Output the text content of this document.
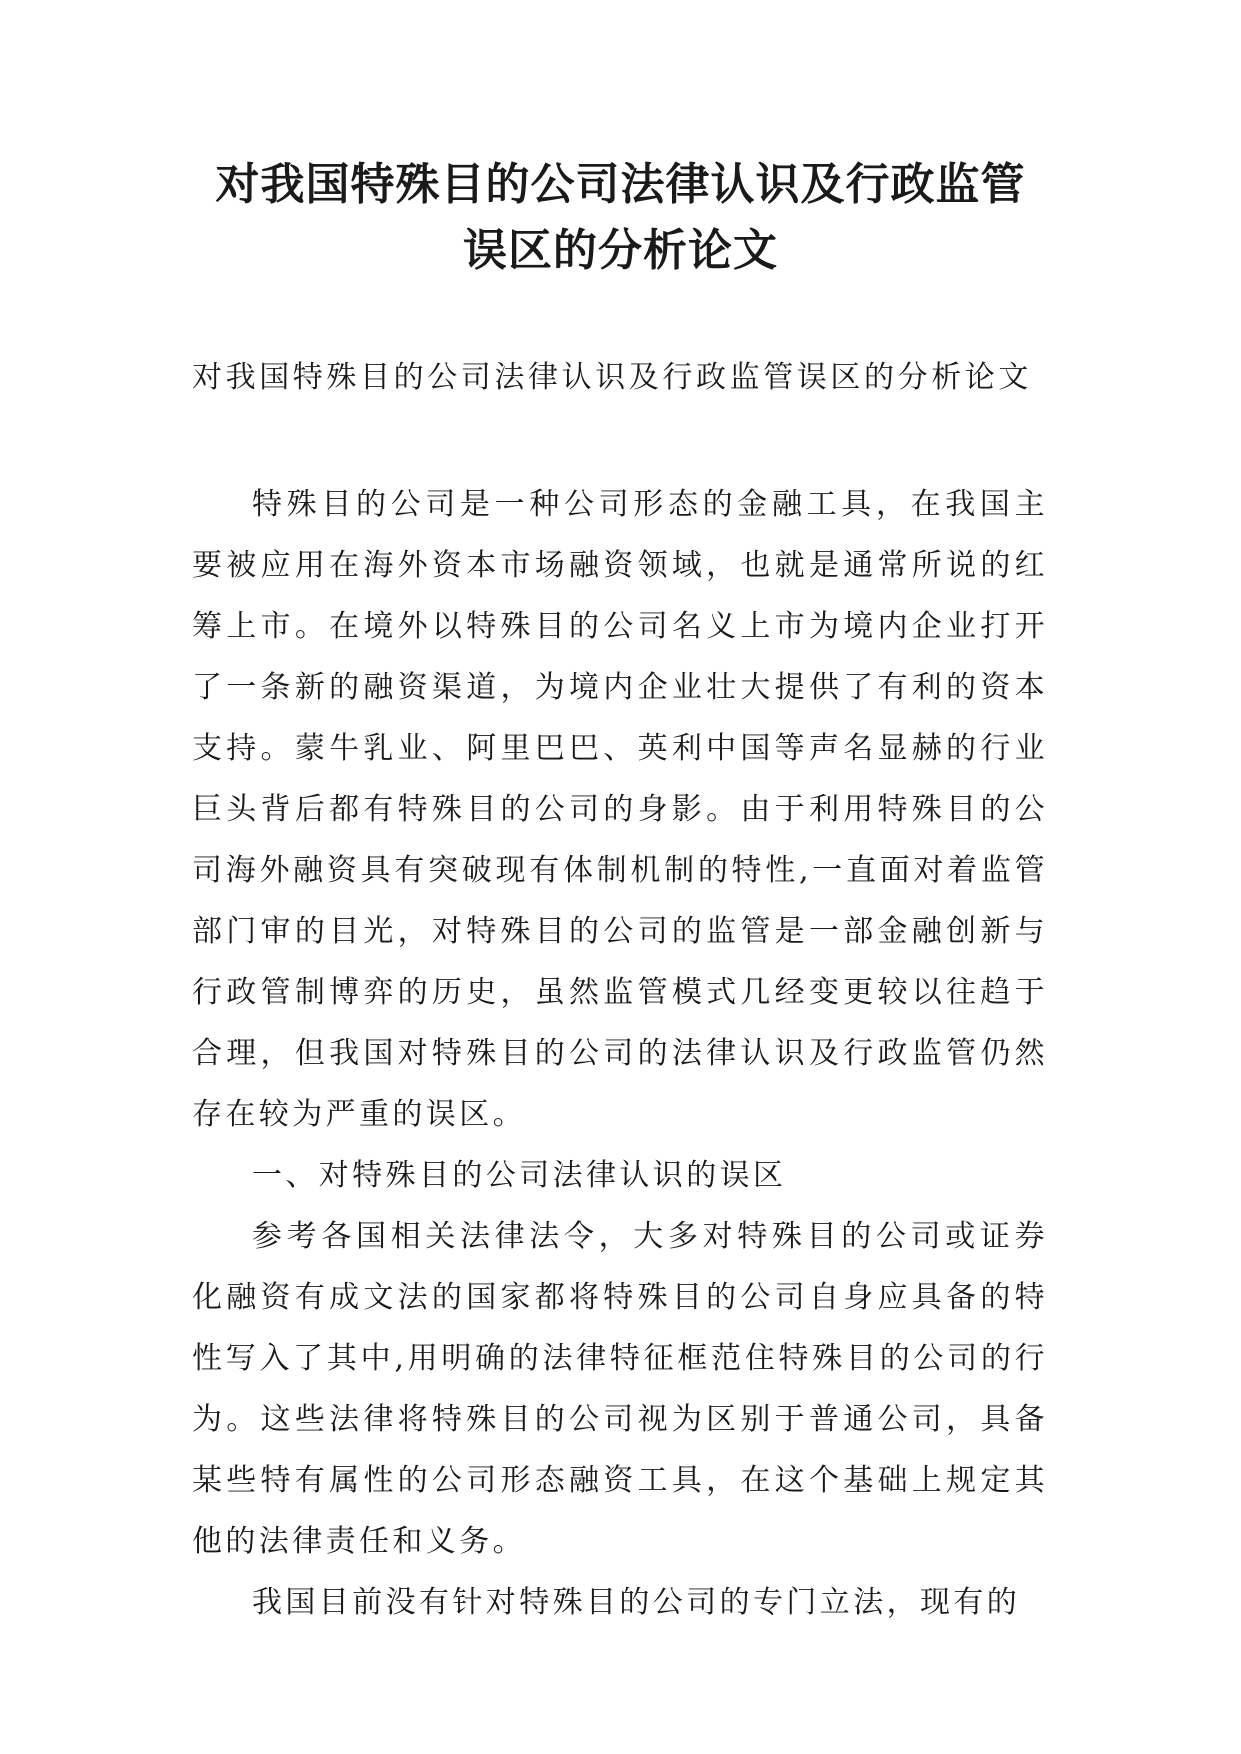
对我国特殊目的公司法律认识及行政监管
误区的分析论文

对我国特殊目的公司法律认识及行政监管误区的分析论文

特殊目的公司是一种公司形态的金融工具，在我国主要被应用在海外资本市场融资领域，也就是通常所说的红筹上市。在境外以特殊目的公司名义上市为境内企业打开了一条新的融资渠道，为境内企业壮大提供了有利的资本支持。蒙牛乳业、阿里巴巴、英利中国等声名显赫的行业巨头背后都有特殊目的公司的身影。由于利用特殊目的公司海外融资具有突破现有体制机制的特性,一直面对着监管部门审的目光，对特殊目的公司的监管是一部金融创新与行政管制博弈的历史，虽然监管模式几经变更较以往趋于合理，但我国对特殊目的公司的法律认识及行政监管仍然存在较为严重的误区。

一、对特殊目的公司法律认识的误区

参考各国相关法律法令，大多对特殊目的公司或证券化融资有成文法的国家都将特殊目的公司自身应具备的特性写入了其中,用明确的法律特征框范住特殊目的公司的行为。这些法律将特殊目的公司视为区别于普通公司，具备某些特有属性的公司形态融资工具，在这个基础上规定其他的法律责任和义务。

我国目前没有针对特殊目的公司的专门立法，现有的
